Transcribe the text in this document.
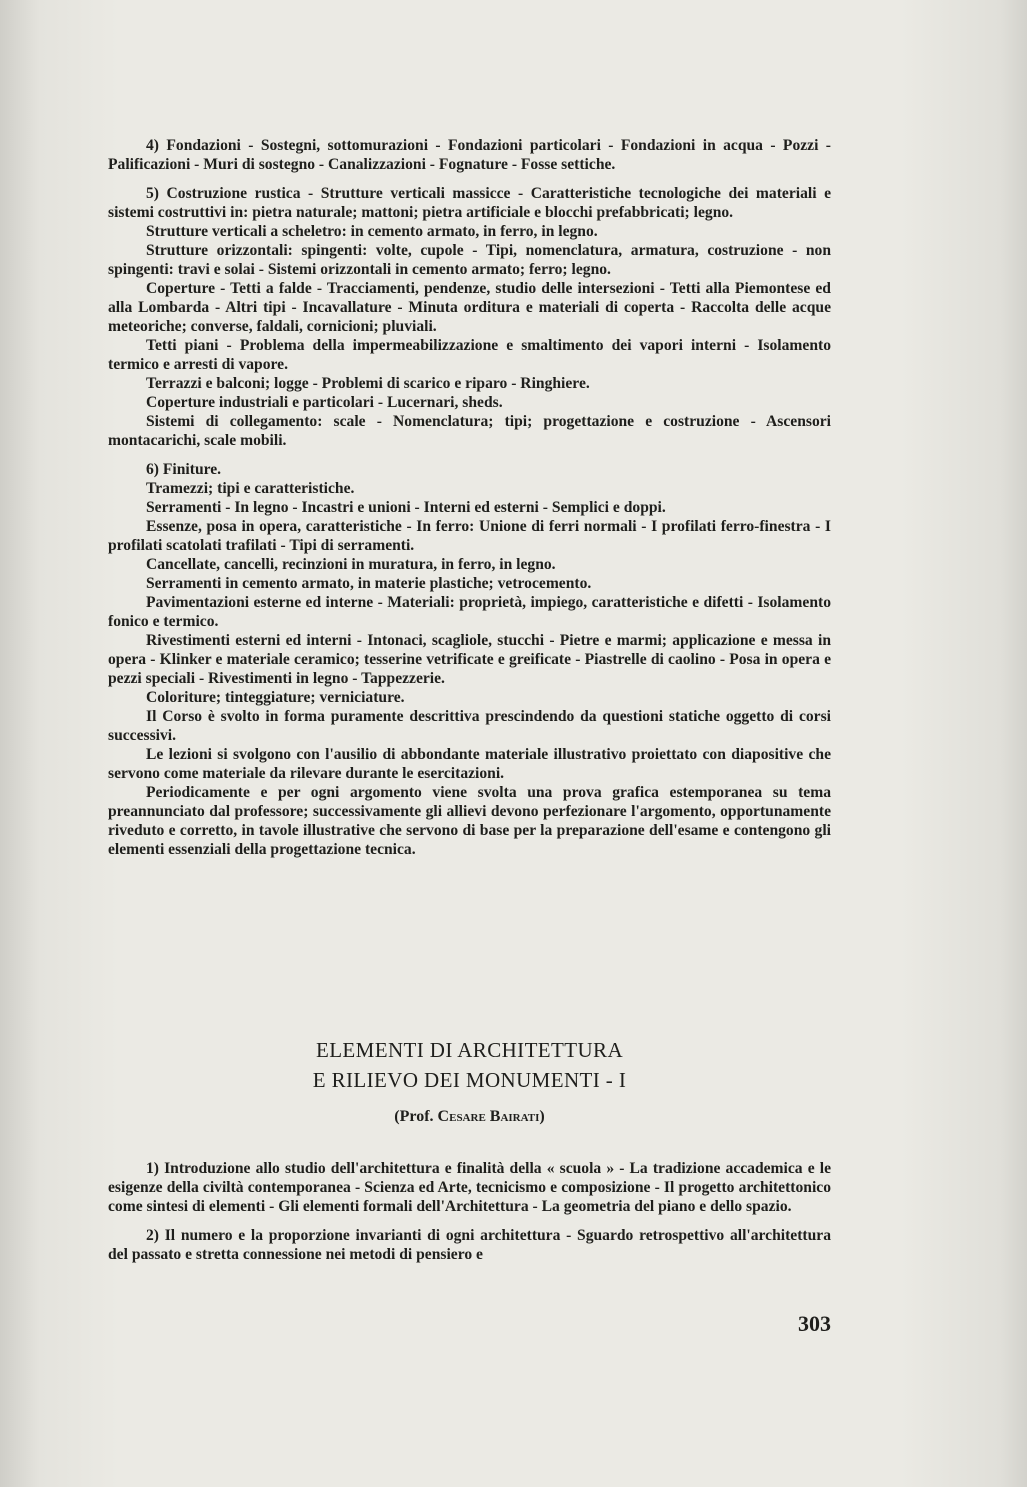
4) Fondazioni - Sostegni, sottomurazioni - Fondazioni particolari - Fondazioni in acqua - Pozzi - Palificazioni - Muri di sostegno - Canalizzazioni - Fognature - Fosse settiche.

5) Costruzione rustica - Strutture verticali massicce - Caratteristiche tecnologiche dei materiali e sistemi costruttivi in: pietra naturale; mattoni; pietra artificiale e blocchi prefabbricati; legno.

Strutture verticali a scheletro: in cemento armato, in ferro, in legno.

Strutture orizzontali: spingenti: volte, cupole - Tipi, nomenclatura, armatura, costruzione - non spingenti: travi e solai - Sistemi orizzontali in cemento armato; ferro; legno.

Coperture - Tetti a falde - Tracciamenti, pendenze, studio delle intersezioni - Tetti alla Piemontese ed alla Lombarda - Altri tipi - Incavallature - Minuta orditura e materiali di coperta - Raccolta delle acque meteoriche; converse, faldali, cornicioni; pluviali.

Tetti piani - Problema della impermeabilizzazione e smaltimento dei vapori interni - Isolamento termico e arresti di vapore.

Terrazzi e balconi; logge - Problemi di scarico e riparo - Ringhiere.

Coperture industriali e particolari - Lucernari, sheds.

Sistemi di collegamento: scale - Nomenclatura; tipi; progettazione e costruzione - Ascensori montacarichi, scale mobili.

6) Finiture.

Tramezzi; tipi e caratteristiche.

Serramenti - In legno - Incastri e unioni - Interni ed esterni - Semplici e doppi.

Essenze, posa in opera, caratteristiche - In ferro: Unione di ferri normali - I profilati ferro-finestra - I profilati scatolati trafilati - Tipi di serramenti.

Cancellate, cancelli, recinzioni in muratura, in ferro, in legno.

Serramenti in cemento armato, in materie plastiche; vetrocemento.

Pavimentazioni esterne ed interne - Materiali: proprietà, impiego, caratteristiche e difetti - Isolamento fonico e termico.

Rivestimenti esterni ed interni - Intonaci, scagliole, stucchi - Pietre e marmi; applicazione e messa in opera - Klinker e materiale ceramico; tesserine vetrificate e greificate - Piastrelle di caolino - Posa in opera e pezzi speciali - Rivestimenti in legno - Tappezzerie.

Coloriture; tinteggiature; verniciature.

Il Corso è svolto in forma puramente descrittiva prescindendo da questioni statiche oggetto di corsi successivi.

Le lezioni si svolgono con l'ausilio di abbondante materiale illustrativo proiettato con diapositive che servono come materiale da rilevare durante le esercitazioni.

Periodicamente e per ogni argomento viene svolta una prova grafica estemporanea su tema preannunciato dal professore; successivamente gli allievi devono perfezionare l'argomento, opportunamente riveduto e corretto, in tavole illustrative che servono di base per la preparazione dell'esame e contengono gli elementi essenziali della progettazione tecnica.

ELEMENTI DI ARCHITETTURA
E RILIEVO DEI MONUMENTI - I
(Prof. Cesare Bairati)

1) Introduzione allo studio dell'architettura e finalità della « scuola » - La tradizione accademica e le esigenze della civiltà contemporanea - Scienza ed Arte, tecnicismo e composizione - Il progetto architettonico come sintesi di elementi - Gli elementi formali dell'Architettura - La geometria del piano e dello spazio.

2) Il numero e la proporzione invarianti di ogni architettura - Sguardo retrospettivo all'architettura del passato e stretta connessione nei metodi di pensiero e

303
